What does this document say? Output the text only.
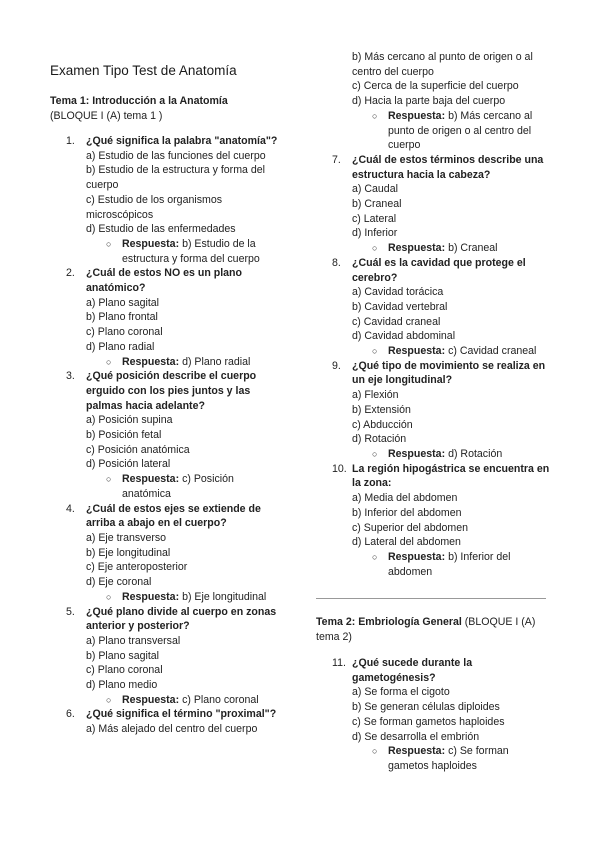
Examen Tipo Test de Anatomía
Tema 1: Introducción a la Anatomía
(BLOQUE I (A) tema 1 )
1. ¿Qué significa la palabra "anatomía"?
a) Estudio de las funciones del cuerpo
b) Estudio de la estructura y forma del cuerpo
c) Estudio de los organismos microscópicos
d) Estudio de las enfermedades
○ Respuesta: b) Estudio de la estructura y forma del cuerpo
2. ¿Cuál de estos NO es un plano anatómico?
a) Plano sagital
b) Plano frontal
c) Plano coronal
d) Plano radial
○ Respuesta: d) Plano radial
3. ¿Qué posición describe el cuerpo erguido con los pies juntos y las palmas hacia adelante?
a) Posición supina
b) Posición fetal
c) Posición anatómica
d) Posición lateral
○ Respuesta: c) Posición anatómica
4. ¿Cuál de estos ejes se extiende de arriba a abajo en el cuerpo?
a) Eje transverso
b) Eje longitudinal
c) Eje anteroposterior
d) Eje coronal
○ Respuesta: b) Eje longitudinal
5. ¿Qué plano divide al cuerpo en zonas anterior y posterior?
a) Plano transversal
b) Plano sagital
c) Plano coronal
d) Plano medio
○ Respuesta: c) Plano coronal
6. ¿Qué significa el término "proximal"?
a) Más alejado del centro del cuerpo
b) Más cercano al punto de origen o al centro del cuerpo
c) Cerca de la superficie del cuerpo
d) Hacia la parte baja del cuerpo
○ Respuesta: b) Más cercano al punto de origen o al centro del cuerpo
7. ¿Cuál de estos términos describe una estructura hacia la cabeza?
a) Caudal
b) Craneal
c) Lateral
d) Inferior
○ Respuesta: b) Craneal
8. ¿Cuál es la cavidad que protege el cerebro?
a) Cavidad torácica
b) Cavidad vertebral
c) Cavidad craneal
d) Cavidad abdominal
○ Respuesta: c) Cavidad craneal
9. ¿Qué tipo de movimiento se realiza en un eje longitudinal?
a) Flexión
b) Extensión
c) Abducción
d) Rotación
○ Respuesta: d) Rotación
10. La región hipogástrica se encuentra en la zona:
a) Media del abdomen
b) Inferior del abdomen
c) Superior del abdomen
d) Lateral del abdomen
○ Respuesta: b) Inferior del abdomen
Tema 2: Embriología General (BLOQUE I (A) tema 2)
11. ¿Qué sucede durante la gametogénesis?
a) Se forma el cigoto
b) Se generan células diploides
c) Se forman gametos haploides
d) Se desarrolla el embrión
○ Respuesta: c) Se forman gametos haploides
